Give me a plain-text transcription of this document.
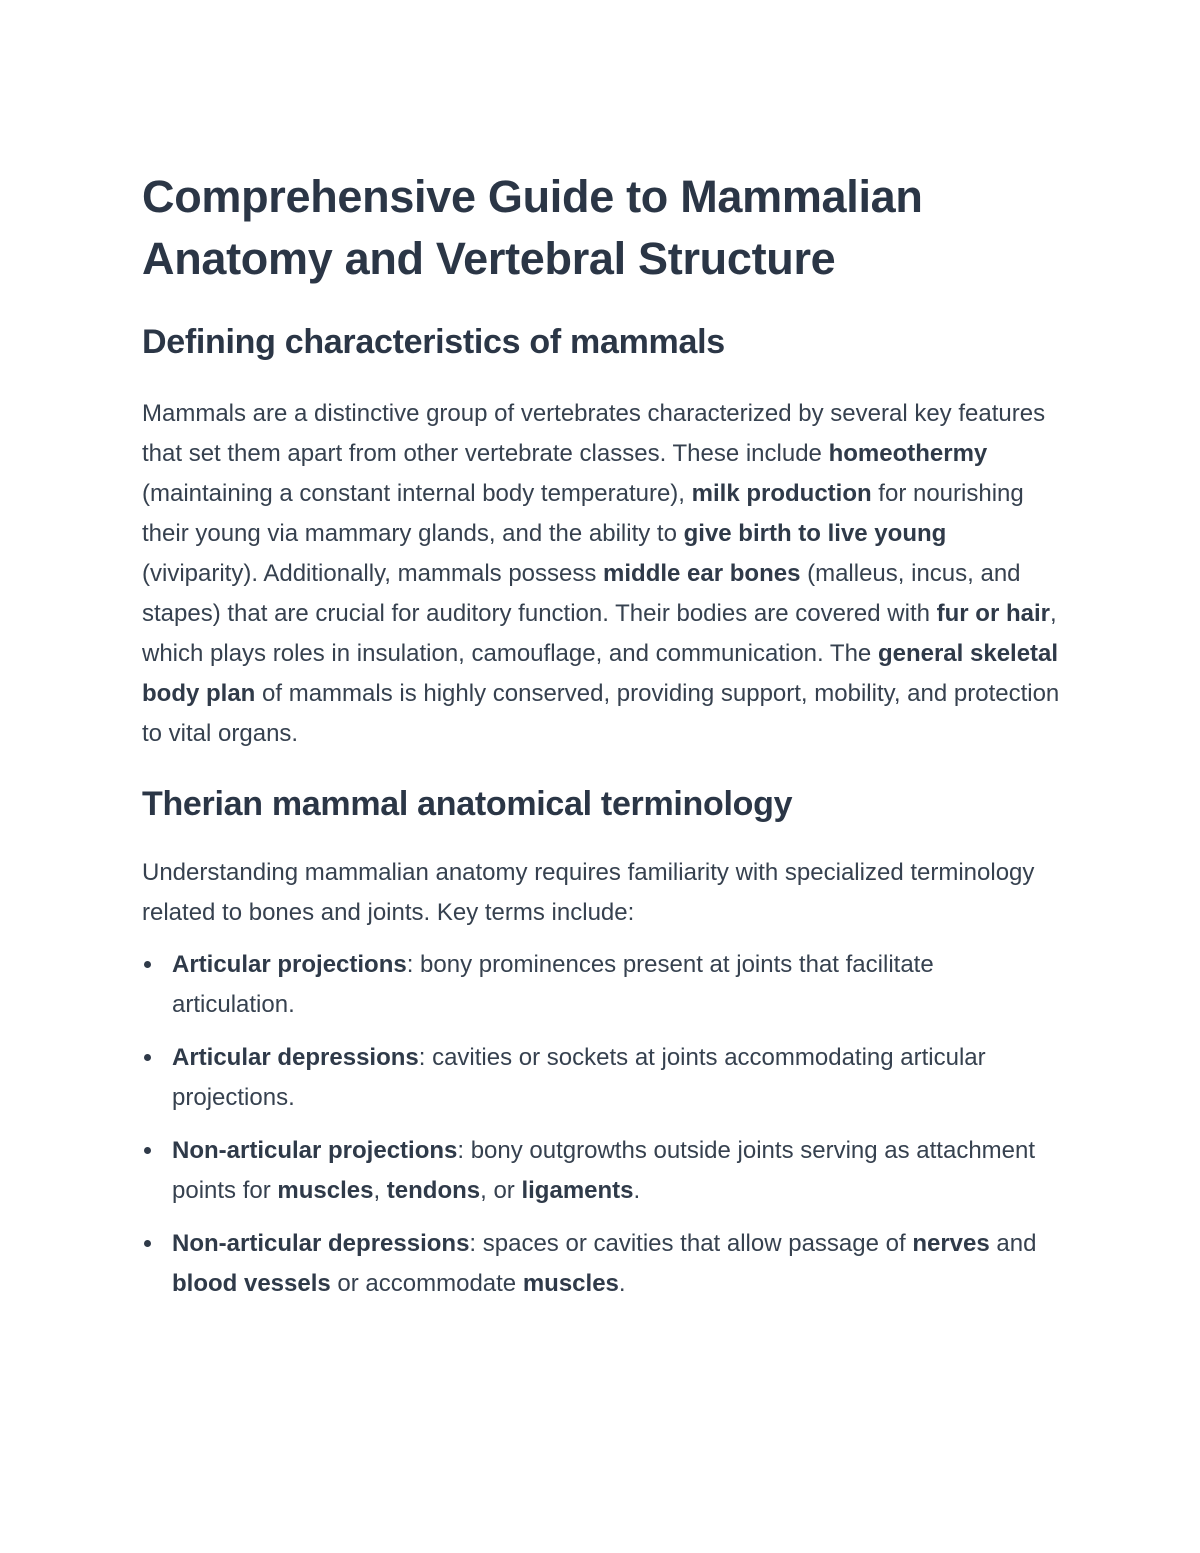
Comprehensive Guide to Mammalian Anatomy and Vertebral Structure
Defining characteristics of mammals

Mammals are a distinctive group of vertebrates characterized by several key features that set them apart from other vertebrate classes. These include homeothermy (maintaining a constant internal body temperature), milk production for nourishing their young via mammary glands, and the ability to give birth to live young (viviparity). Additionally, mammals possess middle ear bones (malleus, incus, and stapes) that are crucial for auditory function. Their bodies are covered with fur or hair, which plays roles in insulation, camouflage, and communication. The general skeletal body plan of mammals is highly conserved, providing support, mobility, and protection to vital organs.

Therian mammal anatomical terminology

Understanding mammalian anatomy requires familiarity with specialized terminology related to bones and joints. Key terms include:

Articular projections: bony prominences present at joints that facilitate articulation.
Articular depressions: cavities or sockets at joints accommodating articular projections.
Non-articular projections: bony outgrowths outside joints serving as attachment points for muscles, tendons, or ligaments.
Non-articular depressions: spaces or cavities that allow passage of nerves and blood vessels or accommodate muscles.
